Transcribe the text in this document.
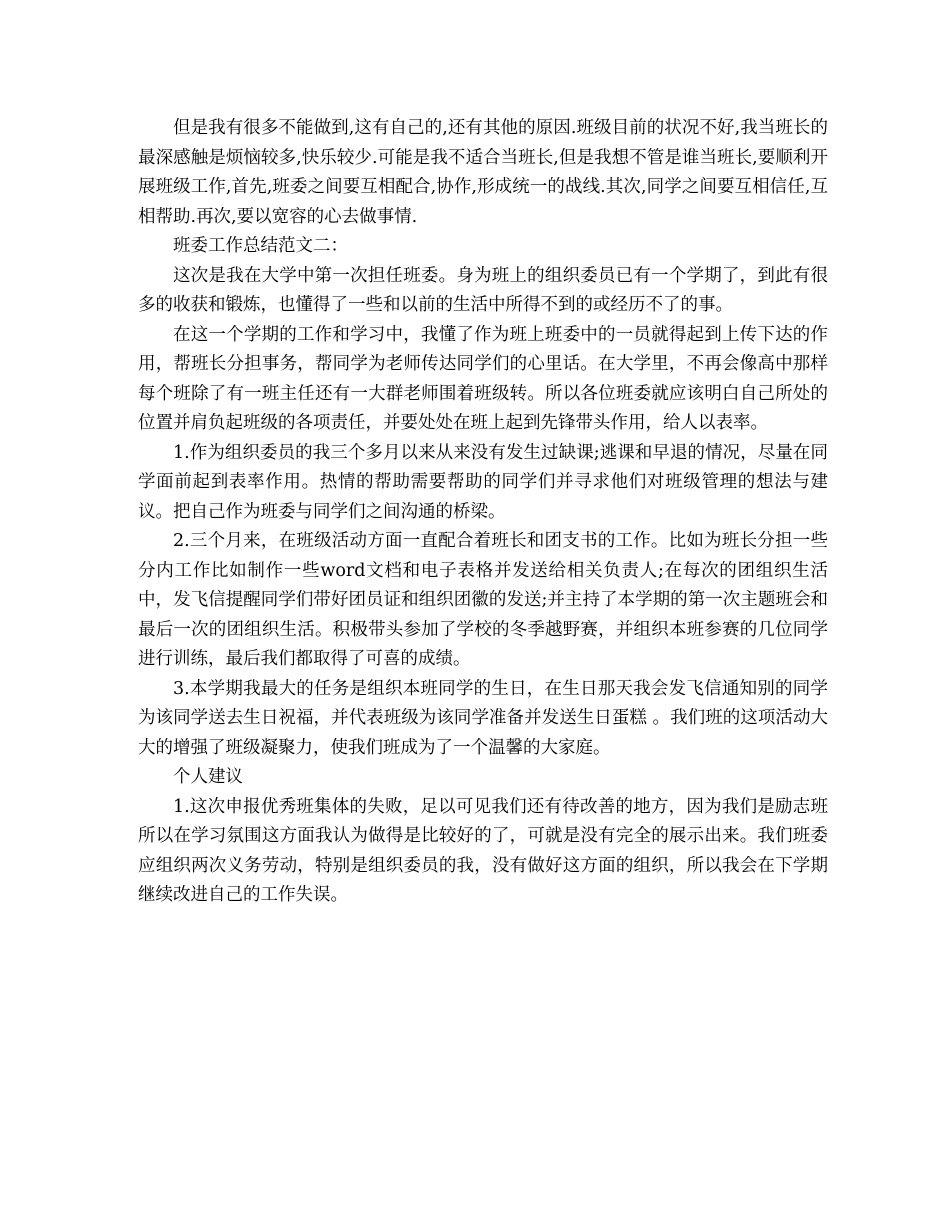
但是我有很多不能做到,这有自己的,还有其他的原因.班级目前的状况不好,我当班长的最深感触是烦恼较多,快乐较少.可能是我不适合当班长,但是我想不管是谁当班长,要顺利开展班级工作,首先,班委之间要互相配合,协作,形成统一的战线.其次,同学之间要互相信任,互相帮助.再次,要以宽容的心去做事情.

班委工作总结范文二：

这次是我在大学中第一次担任班委。身为班上的组织委员已有一个学期了，到此有很多的收获和锻炼，也懂得了一些和以前的生活中所得不到的或经历不了的事。

在这一个学期的工作和学习中，我懂了作为班上班委中的一员就得起到上传下达的作用，帮班长分担事务，帮同学为老师传达同学们的心里话。在大学里，不再会像高中那样每个班除了有一班主任还有一大群老师围着班级转。所以各位班委就应该明白自己所处的位置并肩负起班级的各项责任，并要处处在班上起到先锋带头作用，给人以表率。

1.作为组织委员的我三个多月以来从来没有发生过缺课;逃课和早退的情况，尽量在同学面前起到表率作用。热情的帮助需要帮助的同学们并寻求他们对班级管理的想法与建议。把自己作为班委与同学们之间沟通的桥梁。

2.三个月来，在班级活动方面一直配合着班长和团支书的工作。比如为班长分担一些分内工作比如制作一些word文档和电子表格并发送给相关负责人;在每次的团组织生活中，发飞信提醒同学们带好团员证和组织团徽的发送;并主持了本学期的第一次主题班会和最后一次的团组织生活。积极带头参加了学校的冬季越野赛，并组织本班参赛的几位同学进行训练，最后我们都取得了可喜的成绩。

3.本学期我最大的任务是组织本班同学的生日，在生日那天我会发飞信通知别的同学为该同学送去生日祝福，并代表班级为该同学准备并发送生日蛋糕 。我们班的这项活动大大的增强了班级凝聚力，使我们班成为了一个温馨的大家庭。

个人建议

1.这次申报优秀班集体的失败，足以可见我们还有待改善的地方，因为我们是励志班所以在学习氛围这方面我认为做得是比较好的了，可就是没有完全的展示出来。我们班委应组织两次义务劳动，特别是组织委员的我，没有做好这方面的组织，所以我会在下学期继续改进自己的工作失误。
